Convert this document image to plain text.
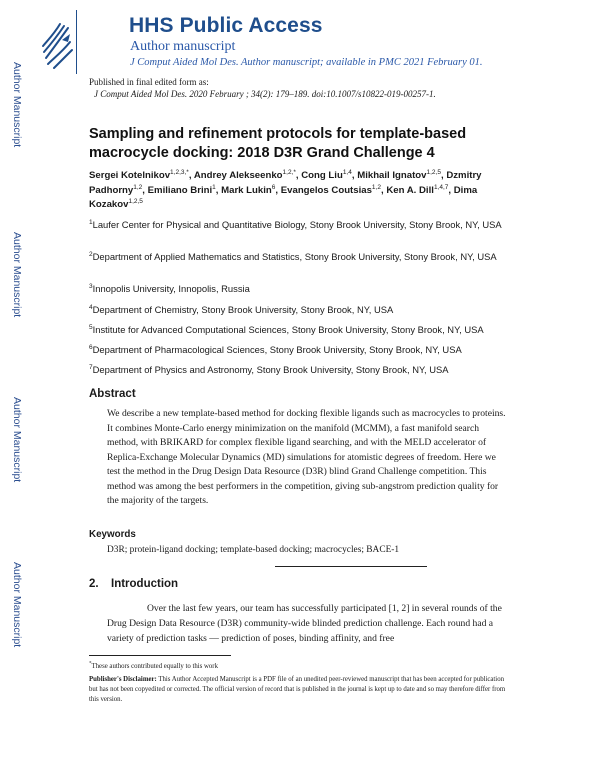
Author Manuscript
Author Manuscript
Author Manuscript
Author Manuscript
HHS Public Access
Author manuscript
J Comput Aided Mol Des. Author manuscript; available in PMC 2021 February 01.
Published in final edited form as:
J Comput Aided Mol Des. 2020 February ; 34(2): 179–189. doi:10.1007/s10822-019-00257-1.
Sampling and refinement protocols for template-based macrocycle docking: 2018 D3R Grand Challenge 4
Sergei Kotelnikov$^{1,2,3,*}$, Andrey Alekseenko$^{1,2,*}$, Cong Liu$^{1,4}$, Mikhail Ignatov$^{1,2,5}$, Dzmitry Padhorny$^{1,2}$, Emiliano Brini$^1$, Mark Lukin$^6$, Evangelos Coutsias$^{1,2}$, Ken A. Dill$^{1,4,7}$, Dima Kozakov$^{1,2,5}$
$^1$Laufer Center for Physical and Quantitative Biology, Stony Brook University, Stony Brook, NY, USA
$^2$Department of Applied Mathematics and Statistics, Stony Brook University, Stony Brook, NY, USA
$^3$Innopolis University, Innopolis, Russia
$^4$Department of Chemistry, Stony Brook University, Stony Brook, NY, USA
$^5$Institute for Advanced Computational Sciences, Stony Brook University, Stony Brook, NY, USA
$^6$Department of Pharmacological Sciences, Stony Brook University, Stony Brook, NY, USA
$^7$Department of Physics and Astronomy, Stony Brook University, Stony Brook, NY, USA
Abstract
We describe a new template-based method for docking flexible ligands such as macrocycles to proteins. It combines Monte-Carlo energy minimization on the manifold (MCMM), a fast manifold search method, with BRIKARD for complex flexible ligand searching, and with the MELD accelerator of Replica-Exchange Molecular Dynamics (MD) simulations for atomistic degrees of freedom. Here we test the method in the Drug Design Data Resource (D3R) blind Grand Challenge competition. This method was among the best performers in the competition, giving sub-angstrom prediction quality for the majority of the targets.
Keywords
D3R; protein-ligand docking; template-based docking; macrocycles; BACE-1
2. Introduction
Over the last few years, our team has successfully participated [1, 2] in several rounds of the Drug Design Data Resource (D3R) community-wide blinded prediction challenge. Each round had a variety of prediction tasks — prediction of poses, binding affinity, and free
*These authors contributed equally to this work
Publisher's Disclaimer: This Author Accepted Manuscript is a PDF file of an unedited peer-reviewed manuscript that has been accepted for publication but has not been copyedited or corrected. The official version of record that is published in the journal is kept up to date and so may therefore differ from this version.
